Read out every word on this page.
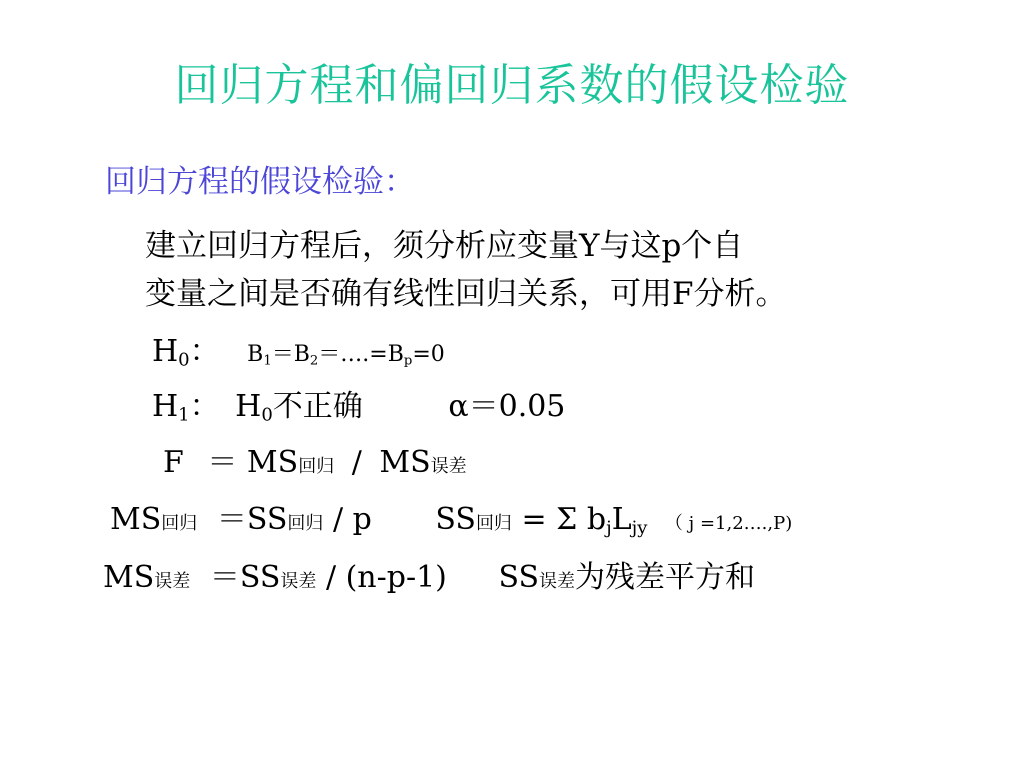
回归方程和偏回归系数的假设检验
回归方程的假设检验：
建立回归方程后，须分析应变量Y与这p个自
变量之间是否确有线性回归关系，可用F分析。
$H_0$： $B_1=B_2=\dots.=B_p=0$
$H_1$： $H_0$不正确	α＝0.05
F ＝ MS回归 / MS误差
MS回归 ＝SS回归 / p SS回归 = Σ $b_jL_{jy}$ （ j =1,2….,P)
MS误差 ＝SS误差 / (n-p-1) SS误差为残差平方和
